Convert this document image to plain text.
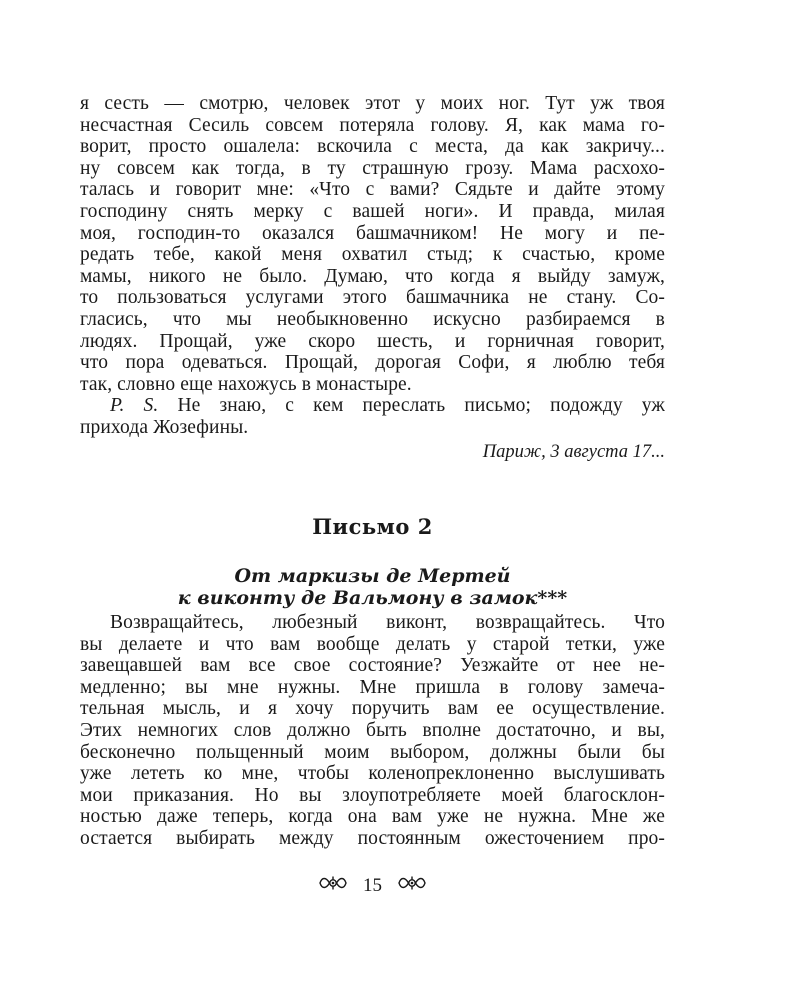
я сесть — смотрю, человек этот у моих ног. Тут уж твоя
несчастная Сесиль совсем потеряла голову. Я, как мама го-
ворит, просто ошалела: вскочила с места, да как закричу...
ну совсем как тогда, в ту страшную грозу. Мама расхохо-
талась и говорит мне: «Что с вами? Сядьте и дайте этому
господину снять мерку с вашей ноги». И правда, милая
моя, господин-то оказался башмачником! Не могу и пе-
редать тебе, какой меня охватил стыд; к счастью, кроме
мамы, никого не было. Думаю, что когда я выйду замуж,
то пользоваться услугами этого башмачника не стану. Со-
гласись, что мы необыкновенно искусно разбираемся в
людях. Прощай, уже скоро шесть, и горничная говорит,
что пора одеваться. Прощай, дорогая Софи, я люблю тебя
так, словно еще нахожусь в монастыре.
P. S. Не знаю, с кем переслать письмо; подожду уж
прихода Жозефины.
Париж, 3 августа 17...
Письмо 2
От маркизы де Мертей
к виконту де Вальмону в замок***
Возвращайтесь, любезный виконт, возвращайтесь. Что
вы делаете и что вам вообще делать у старой тетки, уже
завещавшей вам все свое состояние? Уезжайте от нее не-
медленно; вы мне нужны. Мне пришла в голову замеча-
тельная мысль, и я хочу поручить вам ее осуществление.
Этих немногих слов должно быть вполне достаточно, и вы,
бесконечно польщенный моим выбором, должны были бы
уже лететь ко мне, чтобы коленопреклоненно выслушивать
мои приказания. Но вы злоупотребляете моей благосклон-
ностью даже теперь, когда она вам уже не нужна. Мне же
остается выбирать между постоянным ожесточением про-
15
